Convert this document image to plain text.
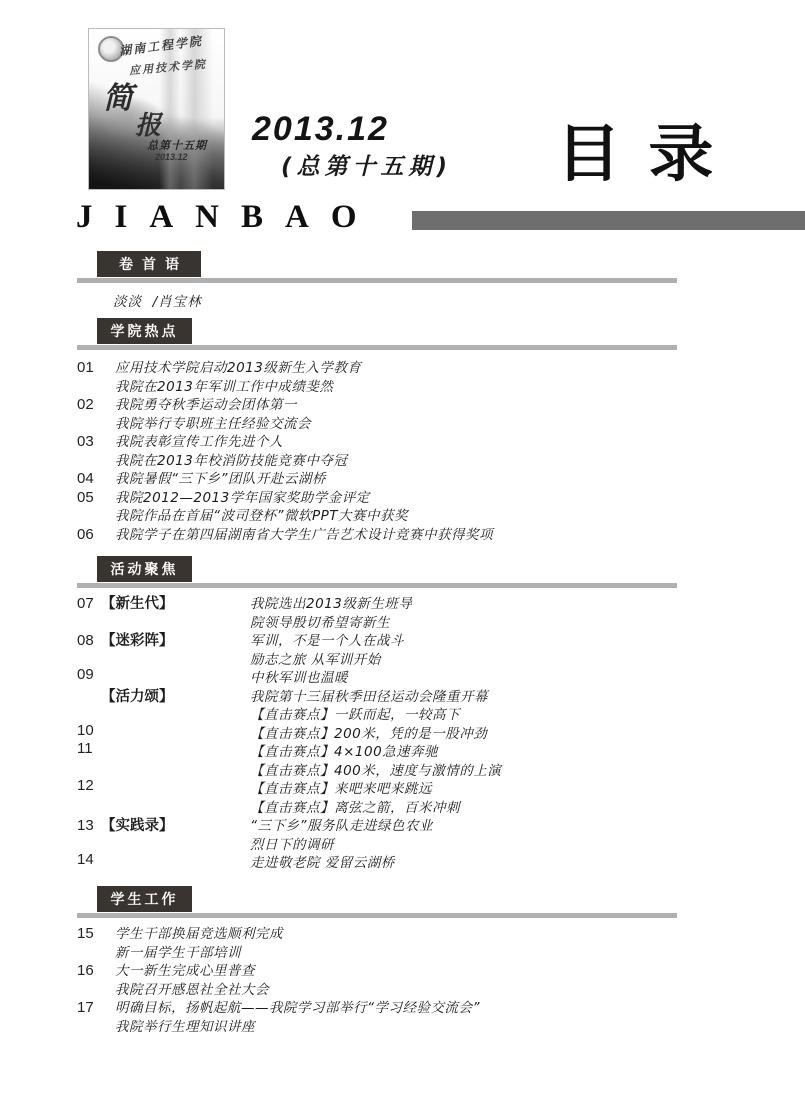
湖南工程学院
应用技术学院
简
报
总第十五期
2013.12
2013.12
(总第十五期) 目录
JIANBAO
卷首语
淡淡  /肖宝林
学院热点
01	应用技术学院启动2013级新生入学教育
我院在2013年军训工作中成绩斐然
02	我院勇夺秋季运动会团体第一
我院举行专职班主任经验交流会
03	我院表彰宣传工作先进个人
我院在2013年校消防技能竞赛中夺冠
04	我院暑假“三下乡”团队开赴云湖桥
05	我院2012—2013学年国家奖助学金评定
我院作品在首届“波司登杯”微软PPT大赛中获奖
06	我院学子在第四届湖南省大学生广告艺术设计竞赛中获得奖项
活动聚焦
07 【新生代】	我院选出2013级新生班导
院领导殷切希望寄新生
08 【迷彩阵】	军训，不是一个人在战斗
励志之旅 从军训开始
09	中秋军训也温暖
【活力颂】	我院第十三届秋季田径运动会隆重开幕
【直击赛点】一跃而起，一较高下
10	【直击赛点】200米，凭的是一股冲劲
11	【直击赛点】4×100急速奔驰
【直击赛点】400米，速度与激情的上演
12	【直击赛点】来吧来吧来跳远
【直击赛点】离弦之箭，百米冲刺
13 【实践录】	“三下乡”服务队走进绿色农业
烈日下的调研
14	走进敬老院 爱留云湖桥
学生工作
15	学生干部换届竞选顺利完成
新一届学生干部培训
16	大一新生完成心里普查
我院召开感恩社全社大会
17	明确目标，扬帆起航——我院学习部举行“学习经验交流会”
我院举行生理知识讲座
